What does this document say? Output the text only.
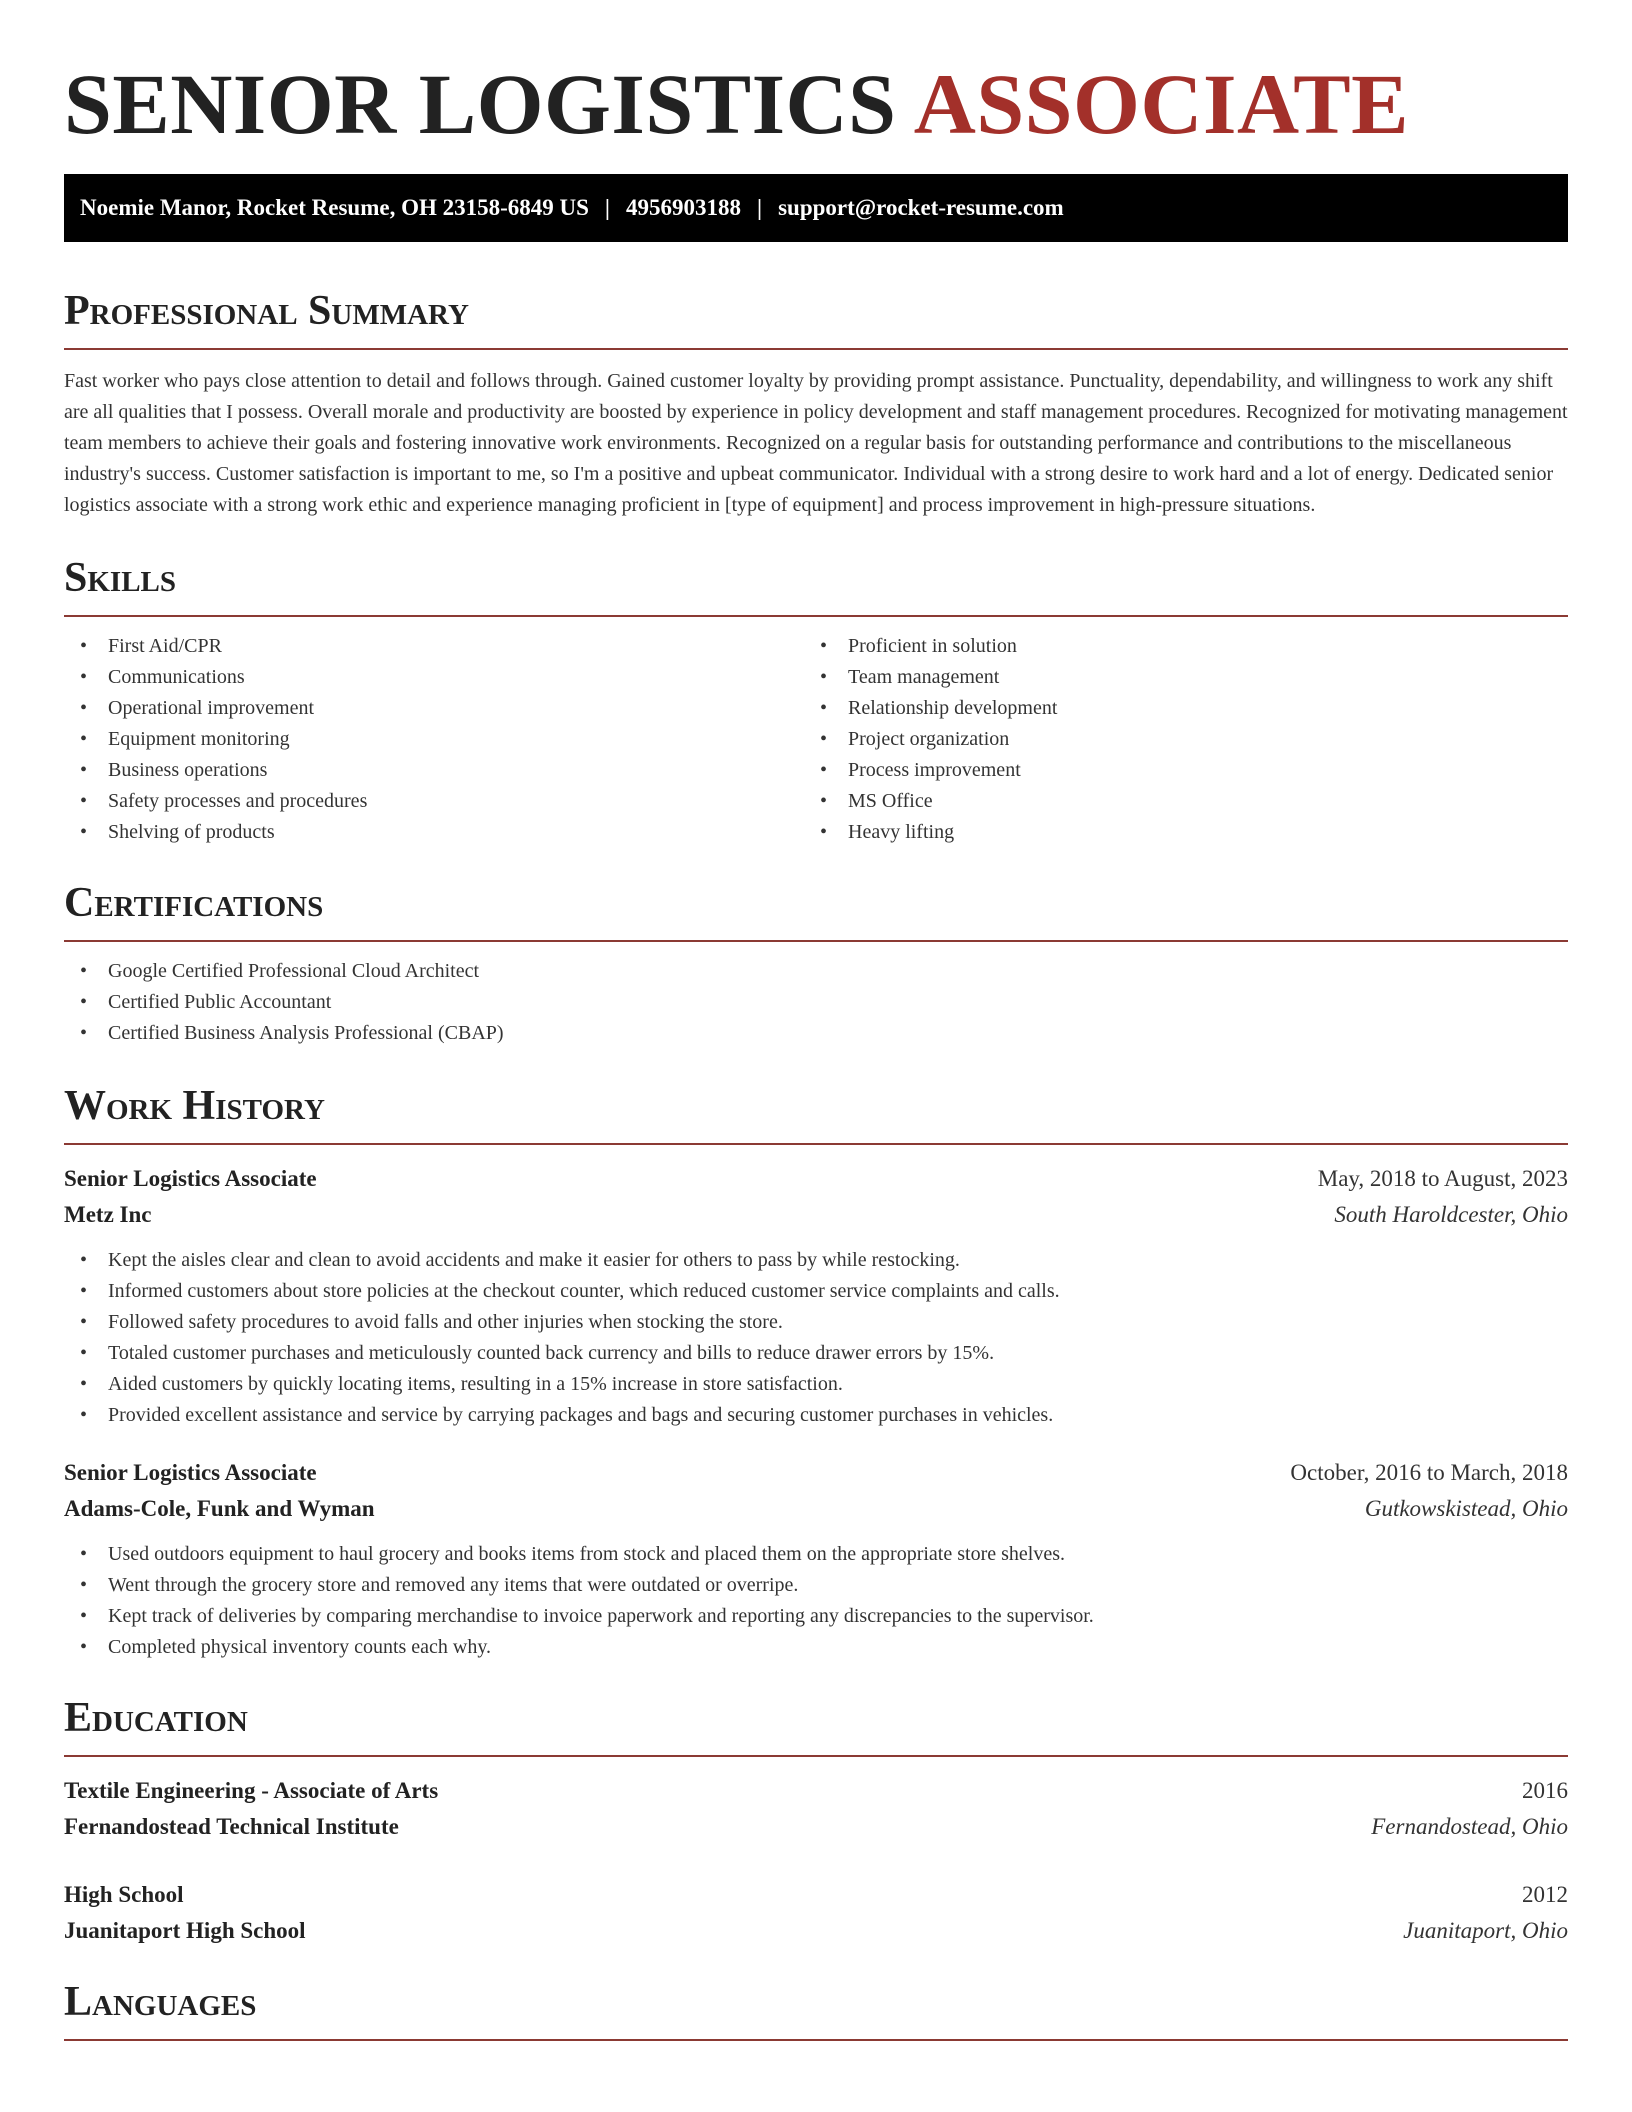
SENIOR LOGISTICS ASSOCIATE
Noemie Manor, Rocket Resume, OH 23158-6849 US | 4956903188 | support@rocket-resume.com
Professional Summary

Fast worker who pays close attention to detail and follows through. Gained customer loyalty by providing prompt assistance. Punctuality, dependability, and willingness to work any shift are all qualities that I possess. Overall morale and productivity are boosted by experience in policy development and staff management procedures. Recognized for motivating management team members to achieve their goals and fostering innovative work environments. Recognized on a regular basis for outstanding performance and contributions to the miscellaneous industry's success. Customer satisfaction is important to me, so I'm a positive and upbeat communicator. Individual with a strong desire to work hard and a lot of energy. Dedicated senior logistics associate with a strong work ethic and experience managing proficient in [type of equipment] and process improvement in high-pressure situations.

Skills
• First Aid/CPR
• Communications
• Operational improvement
• Equipment monitoring
• Business operations
• Safety processes and procedures
• Shelving of products
• Proficient in solution
• Team management
• Relationship development
• Project organization
• Process improvement
• MS Office
• Heavy lifting
Certifications
• Google Certified Professional Cloud Architect
• Certified Public Accountant
• Certified Business Analysis Professional (CBAP)
Work History
Senior Logistics Associate	May, 2018 to August, 2023
Metz Inc	South Haroldcester, Ohio
• Kept the aisles clear and clean to avoid accidents and make it easier for others to pass by while restocking.
• Informed customers about store policies at the checkout counter, which reduced customer service complaints and calls.
• Followed safety procedures to avoid falls and other injuries when stocking the store.
• Totaled customer purchases and meticulously counted back currency and bills to reduce drawer errors by 15%.
• Aided customers by quickly locating items, resulting in a 15% increase in store satisfaction.
• Provided excellent assistance and service by carrying packages and bags and securing customer purchases in vehicles.
Senior Logistics Associate	October, 2016 to March, 2018
Adams-Cole, Funk and Wyman	Gutkowskistead, Ohio
• Used outdoors equipment to haul grocery and books items from stock and placed them on the appropriate store shelves.
• Went through the grocery store and removed any items that were outdated or overripe.
• Kept track of deliveries by comparing merchandise to invoice paperwork and reporting any discrepancies to the supervisor.
• Completed physical inventory counts each why.
Education
Textile Engineering - Associate of Arts	2016
Fernandostead Technical Institute	Fernandostead, Ohio
High School	2012
Juanitaport High School	Juanitaport, Ohio
Languages
